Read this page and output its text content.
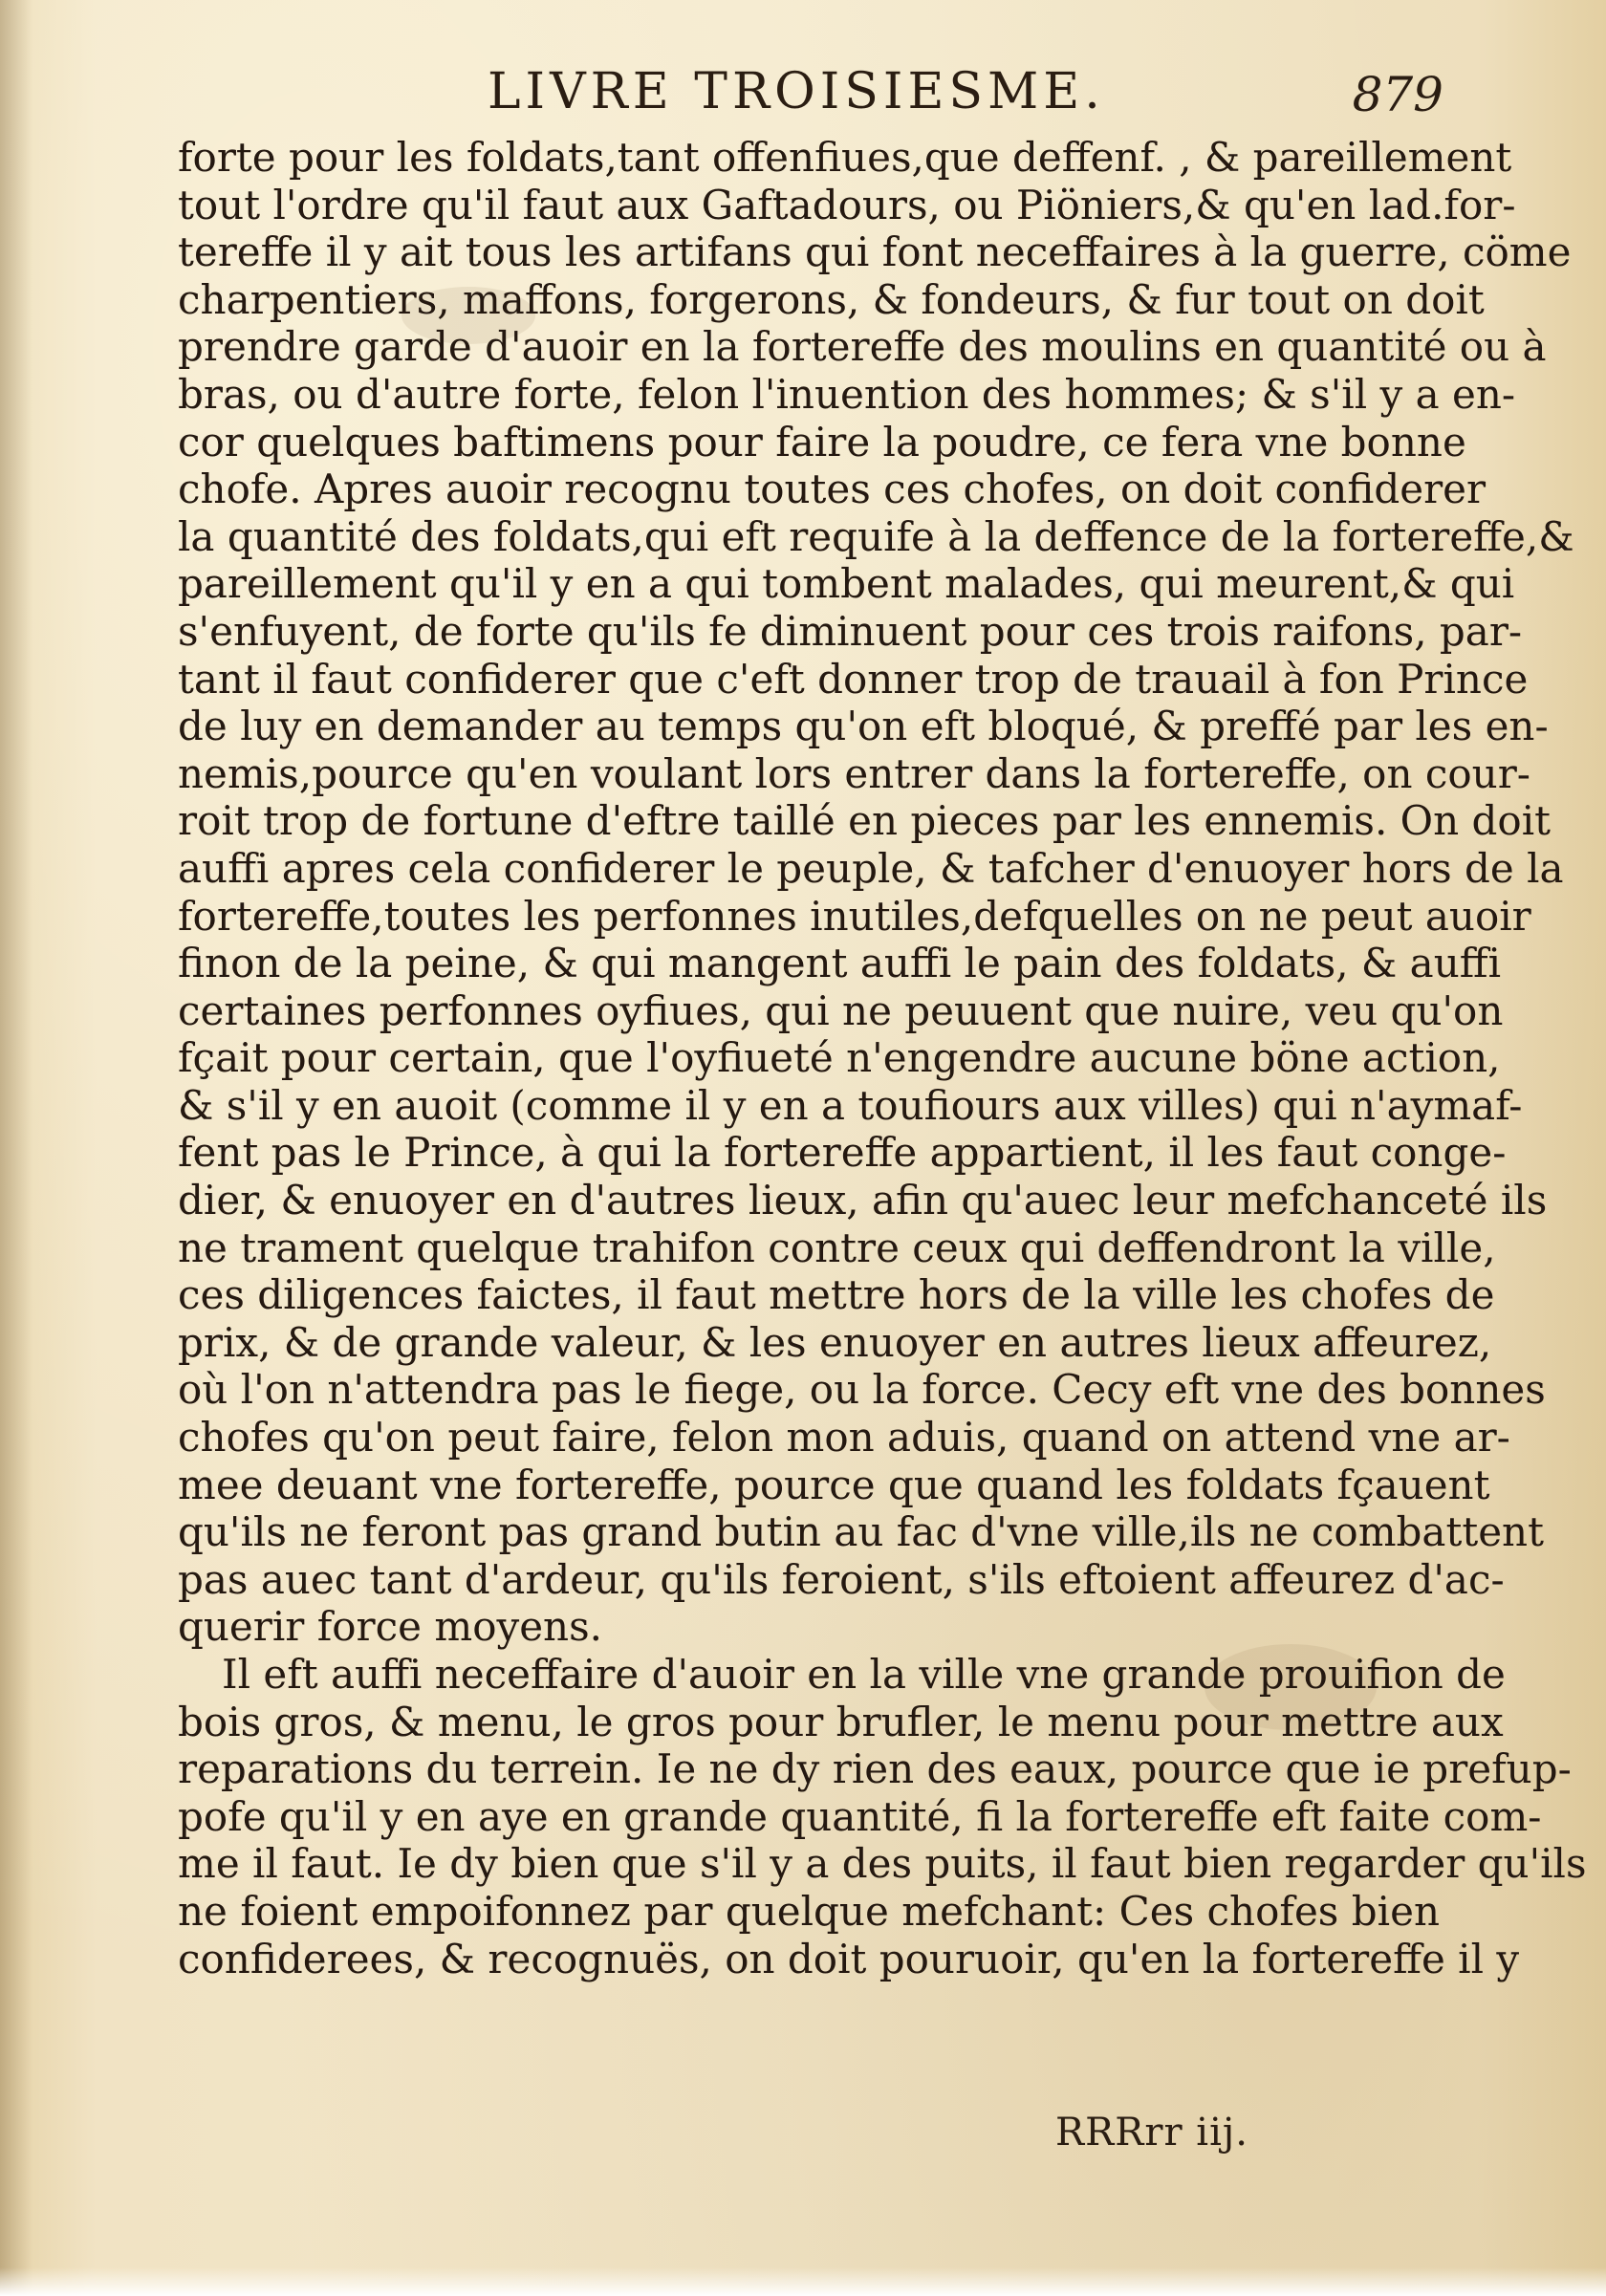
LIVRE TROISIESME.	879
forte pour les foldats,tant offenfiues,que deffenf. , & pareillement
tout l'ordre qu'il faut aux Gaftadours, ou Piöniers,& qu'en lad.for-
tereffe il y ait tous les artifans qui font neceffaires à la guerre, cöme
charpentiers, maffons, forgerons, & fondeurs, & fur tout on doit
prendre garde d'auoir en la fortereffe des moulins en quantité ou à
bras, ou d'autre forte, felon l'inuention des hommes; & s'il y a en-
cor quelques baftimens pour faire la poudre, ce fera vne bonne
chofe. Apres auoir recognu toutes ces chofes, on doit confiderer
la quantité des foldats,qui eft requife à la deffence de la fortereffe,&
pareillement qu'il y en a qui tombent malades, qui meurent,& qui
s'enfuyent, de forte qu'ils fe diminuent pour ces trois raifons, par-
tant il faut confiderer que c'eft donner trop de trauail à fon Prince
de luy en demander au temps qu'on eft bloqué, & preffé par les en-
nemis,pource qu'en voulant lors entrer dans la fortereffe, on cour-
roit trop de fortune d'eftre taillé en pieces par les ennemis. On doit
auffi apres cela confiderer le peuple, & tafcher d'enuoyer hors de la
fortereffe,toutes les perfonnes inutiles,defquelles on ne peut auoir
finon de la peine, & qui mangent auffi le pain des foldats, & auffi
certaines perfonnes oyfiues, qui ne peuuent que nuire, veu qu'on
fçait pour certain, que l'oyfiueté n'engendre aucune böne action,
& s'il y en auoit (comme il y en a toufiours aux villes) qui n'aymaf-
fent pas le Prince, à qui la fortereffe appartient, il les faut conge-
dier, & enuoyer en d'autres lieux, afin qu'auec leur mefchanceté ils
ne trament quelque trahifon contre ceux qui deffendront la ville,
ces diligences faictes, il faut mettre hors de la ville les chofes de
prix, & de grande valeur, & les enuoyer en autres lieux affeurez,
où l'on n'attendra pas le fiege, ou la force. Cecy eft vne des bonnes
chofes qu'on peut faire, felon mon aduis, quand on attend vne ar-
mee deuant vne fortereffe, pource que quand les foldats fçauent
qu'ils ne feront pas grand butin au fac d'vne ville,ils ne combattent
pas auec tant d'ardeur, qu'ils feroient, s'ils eftoient affeurez d'ac-
querir force moyens.
Il eft auffi neceffaire d'auoir en la ville vne grande prouifion de
bois gros, & menu, le gros pour brufler, le menu pour mettre aux
reparations du terrein. Ie ne dy rien des eaux, pource que ie prefup-
pofe qu'il y en aye en grande quantité, fi la fortereffe eft faite com-
me il faut. Ie dy bien que s'il y a des puits, il faut bien regarder qu'ils
ne foient empoifonnez par quelque mefchant: Ces chofes bien
confiderees, & recognuës, on doit pouruoir, qu'en la fortereffe il y
RRRrr iij.
